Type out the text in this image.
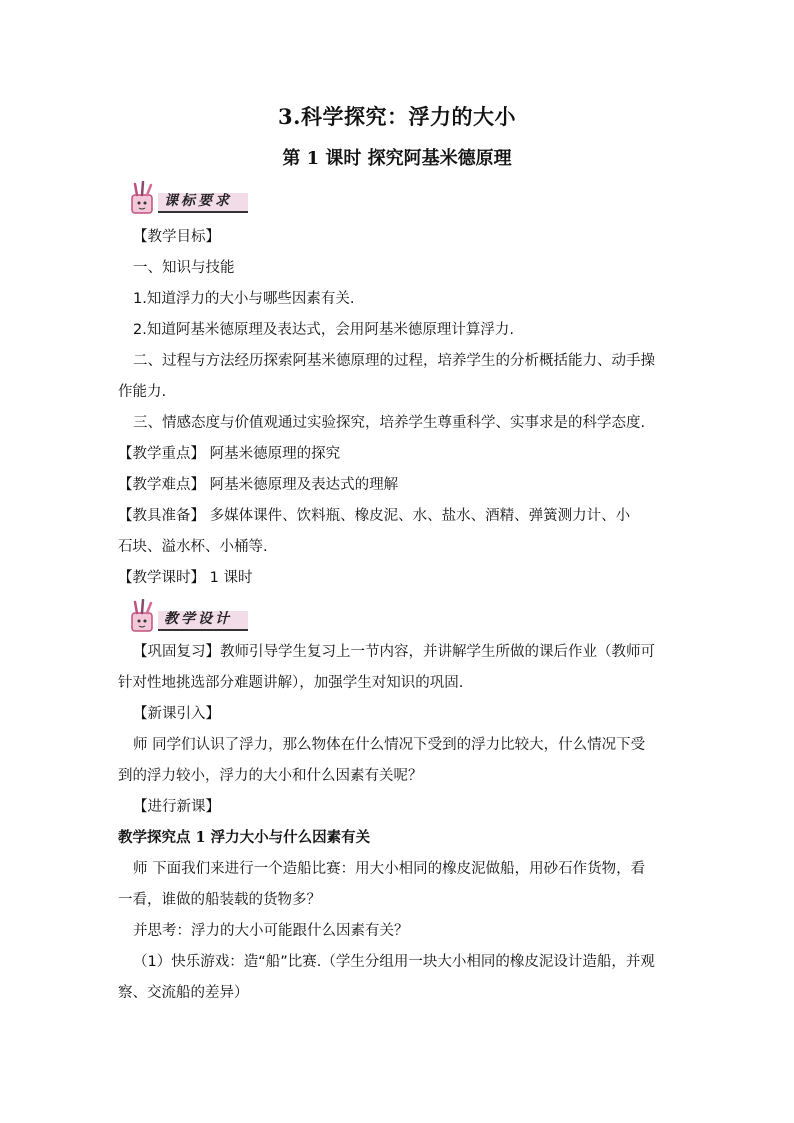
3.科学探究：浮力的大小
第 1 课时 探究阿基米德原理
课标要求
【教学目标】
一、知识与技能
1.知道浮力的大小与哪些因素有关.
2.知道阿基米德原理及表达式，会用阿基米德原理计算浮力.
二、过程与方法经历探索阿基米德原理的过程，培养学生的分析概括能力、动手操
作能力.
三、情感态度与价值观通过实验探究，培养学生尊重科学、实事求是的科学态度.
【教学重点】 阿基米德原理的探究
【教学难点】 阿基米德原理及表达式的理解
【教具准备】 多媒体课件、饮料瓶、橡皮泥、水、盐水、酒精、弹簧测力计、小
石块、溢水杯、小桶等.
【教学课时】 1 课时
教学设计
【巩固复习】教师引导学生复习上一节内容，并讲解学生所做的课后作业（教师可
针对性地挑选部分难题讲解），加强学生对知识的巩固.
【新课引入】
师 同学们认识了浮力，那么物体在什么情况下受到的浮力比较大，什么情况下受
到的浮力较小，浮力的大小和什么因素有关呢？
【进行新课】
教学探究点 1 浮力大小与什么因素有关
师 下面我们来进行一个造船比赛：用大小相同的橡皮泥做船，用砂石作货物，看
一看，谁做的船装载的货物多？
并思考：浮力的大小可能跟什么因素有关？
（1）快乐游戏：造“船”比赛.（学生分组用一块大小相同的橡皮泥设计造船，并观
察、交流船的差异）
